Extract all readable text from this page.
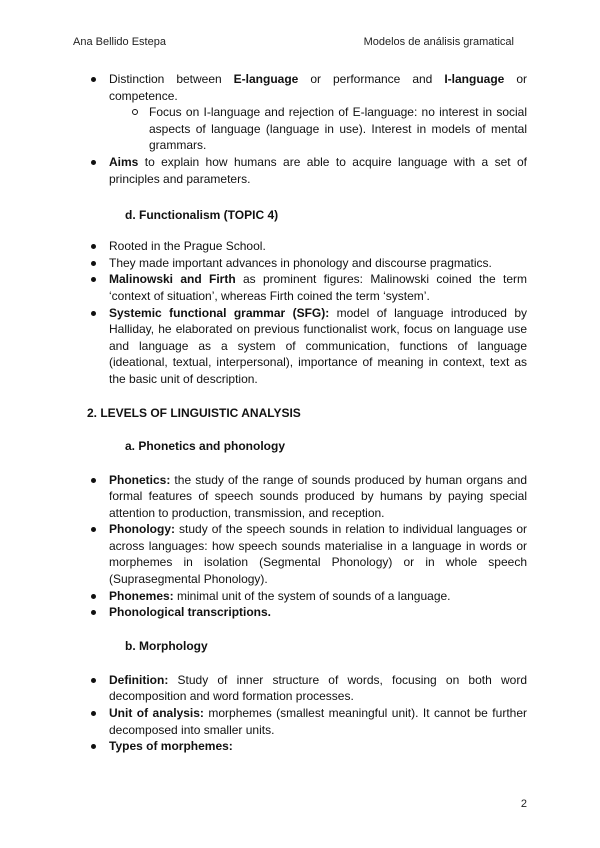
Ana Bellido Estepa	Modelos de análisis gramatical
Distinction between E-language or performance and I-language or competence.
Focus on I-language and rejection of E-language: no interest in social aspects of language (language in use). Interest in models of mental grammars.
Aims to explain how humans are able to acquire language with a set of principles and parameters.
d. Functionalism (TOPIC 4)
Rooted in the Prague School.
They made important advances in phonology and discourse pragmatics.
Malinowski and Firth as prominent figures: Malinowski coined the term ‘context of situation’, whereas Firth coined the term ‘system’.
Systemic functional grammar (SFG): model of language introduced by Halliday, he elaborated on previous functionalist work, focus on language use and language as a system of communication, functions of language (ideational, textual, interpersonal), importance of meaning in context, text as the basic unit of description.
2. LEVELS OF LINGUISTIC ANALYSIS
a. Phonetics and phonology
Phonetics: the study of the range of sounds produced by human organs and formal features of speech sounds produced by humans by paying special attention to production, transmission, and reception.
Phonology: study of the speech sounds in relation to individual languages or across languages: how speech sounds materialise in a language in words or morphemes in isolation (Segmental Phonology) or in whole speech (Suprasegmental Phonology).
Phonemes: minimal unit of the system of sounds of a language.
Phonological transcriptions.
b. Morphology
Definition: Study of inner structure of words, focusing on both word decomposition and word formation processes.
Unit of analysis: morphemes (smallest meaningful unit). It cannot be further decomposed into smaller units.
Types of morphemes:
2
